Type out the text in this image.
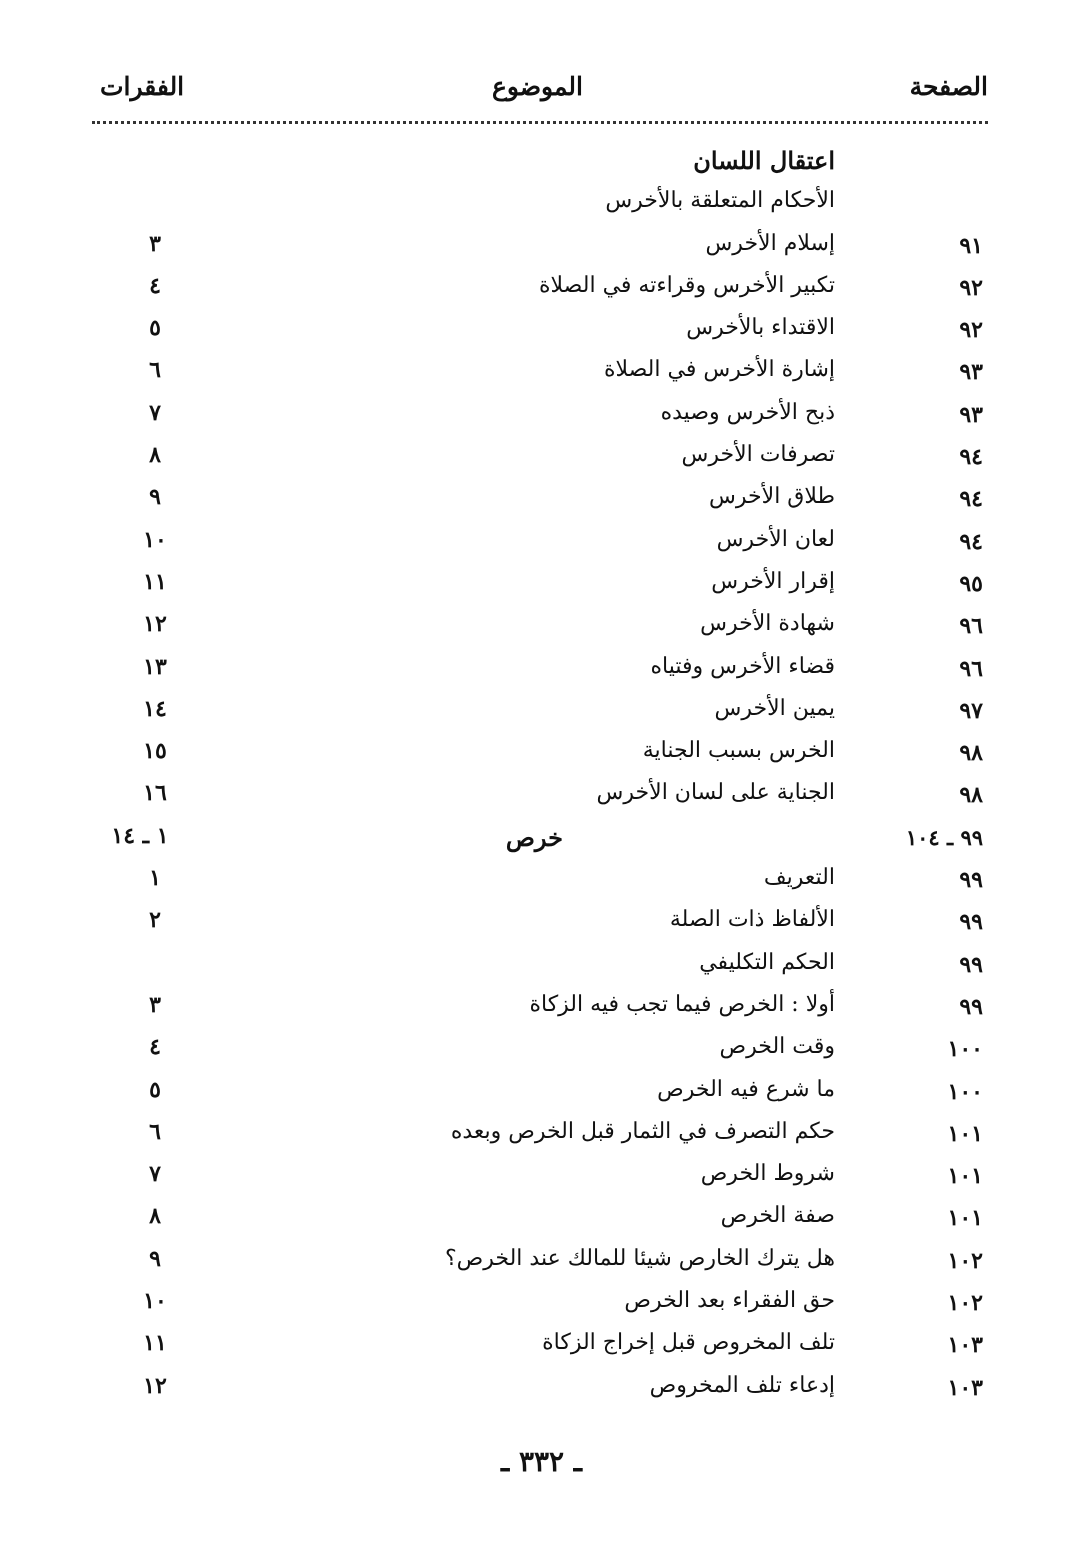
الصفحة
الموضوع
الفقرات
اعتقال اللسان
الأحكام المتعلقة بالأخرس
٩١
إسلام الأخرس
٣
٩٢
تكبير الأخرس وقراءته في الصلاة
٤
٩٢
الاقتداء بالأخرس
٥
٩٣
إشارة الأخرس في الصلاة
٦
٩٣
ذبح الأخرس وصيده
٧
٩٤
تصرفات الأخرس
٨
٩٤
طلاق الأخرس
٩
٩٤
لعان الأخرس
١٠
٩٥
إقرار الأخرس
١١
٩٦
شهادة الأخرس
١٢
٩٦
قضاء الأخرس وفتياه
١٣
٩٧
يمين الأخرس
١٤
٩٨
الخرس بسبب الجناية
١٥
٩٨
الجناية على لسان الأخرس
١٦
٩٩ ـ ١٠٤
خرص
١ ـ ١٤
٩٩
التعريف
١
٩٩
الألفاظ ذات الصلة
٢
٩٩
الحكم التكليفي
٩٩
أولا : الخرص فيما تجب فيه الزكاة
٣
١٠٠
وقت الخرص
٤
١٠٠
ما شرع فيه الخرص
٥
١٠١
حكم التصرف في الثمار قبل الخرص وبعده
٦
١٠١
شروط الخرص
٧
١٠١
صفة الخرص
٨
١٠٢
هل يترك الخارص شيئا للمالك عند الخرص؟
٩
١٠٢
حق الفقراء بعد الخرص
١٠
١٠٣
تلف المخروص قبل إخراج الزكاة
١١
١٠٣
إدعاء تلف المخروص
١٢
ـ ٣٣٢ ـ
